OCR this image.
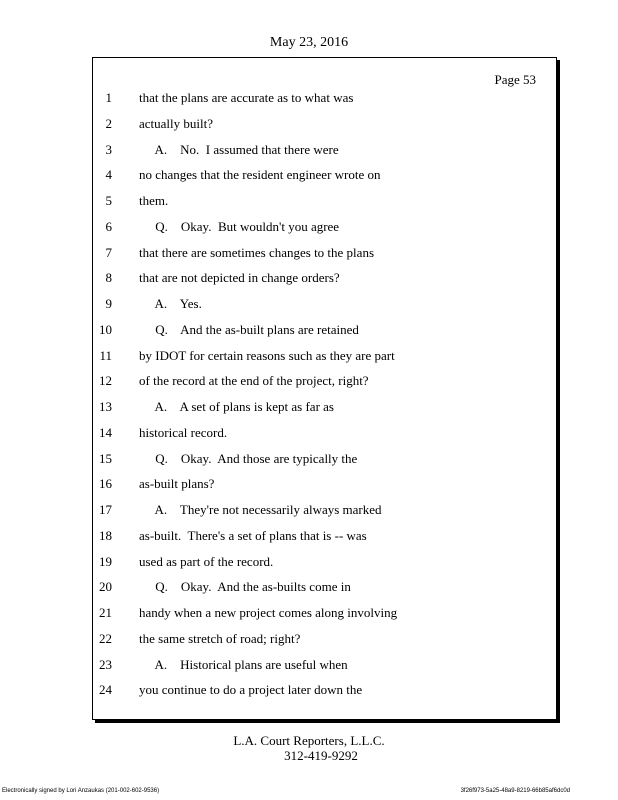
May 23, 2016
Page 53
1 that the plans are accurate as to what was
2 actually built?
3 A.    No.  I assumed that there were
4 no changes that the resident engineer wrote on
5 them.
6 Q.    Okay.  But wouldn't you agree
7 that there are sometimes changes to the plans
8 that are not depicted in change orders?
9 A.    Yes.
10 Q.    And the as-built plans are retained
11 by IDOT for certain reasons such as they are part
12 of the record at the end of the project, right?
13 A.    A set of plans is kept as far as
14 historical record.
15 Q.    Okay.  And those are typically the
16 as-built plans?
17 A.    They're not necessarily always marked
18 as-built.  There's a set of plans that is -- was
19 used as part of the record.
20 Q.    Okay.  And the as-builts come in
21 handy when a new project comes along involving
22 the same stretch of road; right?
23 A.    Historical plans are useful when
24 you continue to do a project later down the
L.A. Court Reporters, L.L.C.
312-419-9292
Electronically signed by Lori Anzaukas (201-002-602-9536)	3f26f973-5a25-48a9-8219-66b85af6dc0d
